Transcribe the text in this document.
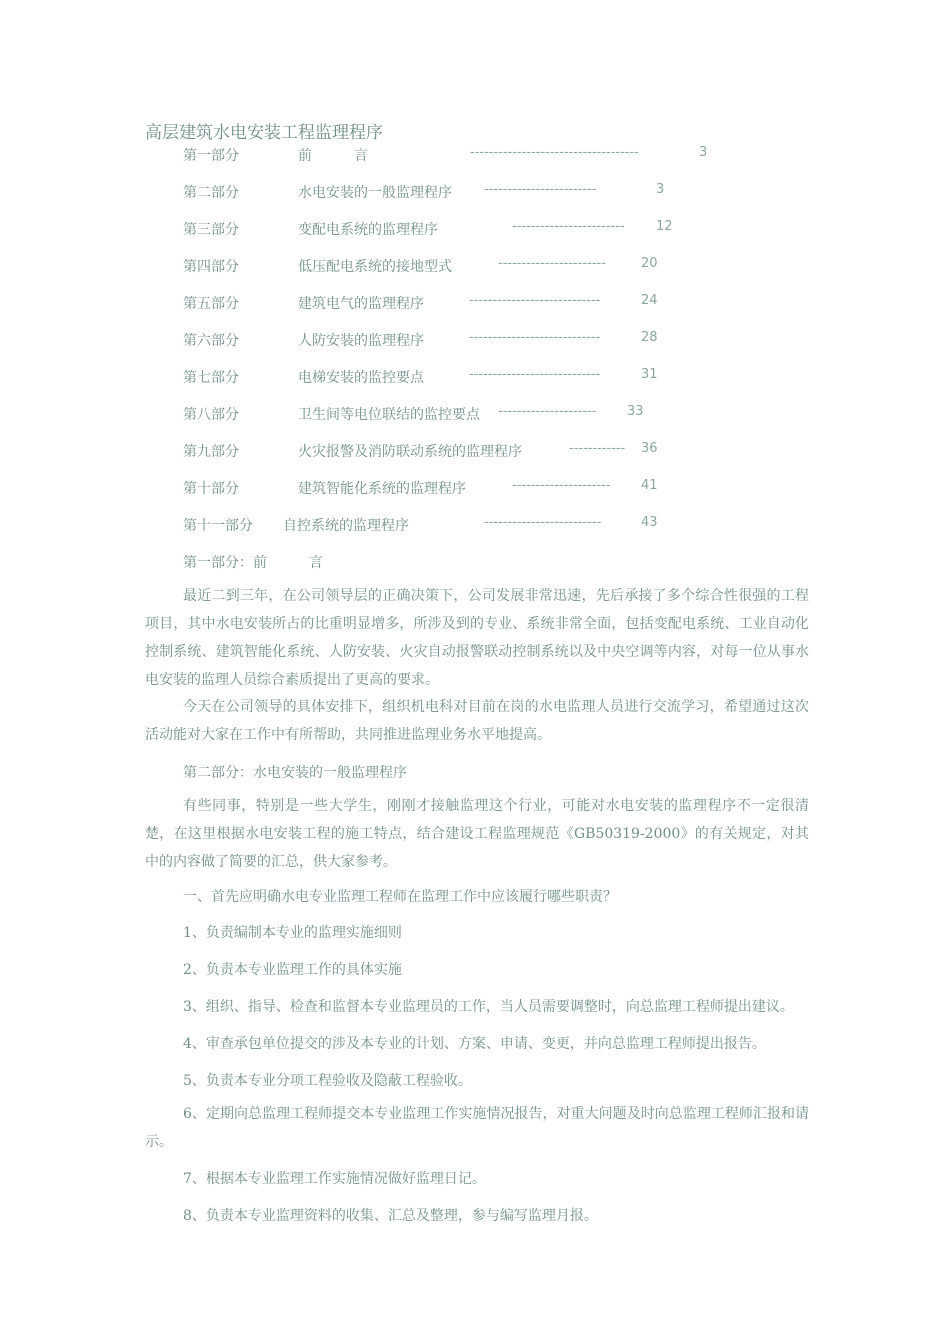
高层建筑水电安装工程监理程序
第一部分	前　　　言	------------------------------------	3
第二部分	水电安装的一般监理程序 ------------------------	3
第三部分	变配电系统的监理程序	------------------------ 12
第四部分	低压配电系统的接地型式	-----------------------	20
第五部分	建筑电气的监理程序	----------------------------	24
第六部分	人防安装的监理程序	----------------------------	28
第七部分	电梯安装的监控要点	----------------------------	31
第八部分	卫生间等电位联结的监控要点 --------------------- 33
第九部分	火灾报警及消防联动系统的监理程序	------------ 36
第十部分	建筑智能化系统的监理程序	--------------------- 41
第十一部分 自控系统的监理程序	-------------------------	43
第一部分：前　　　言

最近二到三年，在公司领导层的正确决策下，公司发展非常迅速，先后承接了多个综合性很强的工程项目，其中水电安装所占的比重明显增多，所涉及到的专业、系统非常全面，包括变配电系统、工业自动化控制系统、建筑智能化系统、人防安装、火灾自动报警联动控制系统以及中央空调等内容，对每一位从事水电安装的监理人员综合素质提出了更高的要求。

今天在公司领导的具体安排下，组织机电科对目前在岗的水电监理人员进行交流学习，希望通过这次活动能对大家在工作中有所帮助，共同推进监理业务水平地提高。

第二部分：水电安装的一般监理程序

有些同事，特别是一些大学生，刚刚才接触监理这个行业，可能对水电安装的监理程序不一定很清楚，在这里根据水电安装工程的施工特点，结合建设工程监理规范《GB50319-2000》的有关规定，对其中的内容做了简要的汇总，供大家参考。

一、首先应明确水电专业监理工程师在监理工作中应该履行哪些职责？
1、负责编制本专业的监理实施细则
2、负责本专业监理工作的具体实施
3、组织、指导、检查和监督本专业监理员的工作，当人员需要调整时，向总监理工程师提出建议。
4、审查承包单位提交的涉及本专业的计划、方案、申请、变更，并向总监理工程师提出报告。
5、负责本专业分项工程验收及隐蔽工程验收。

6、定期向总监理工程师提交本专业监理工作实施情况报告，对重大问题及时向总监理工程师汇报和请示。

7、根据本专业监理工作实施情况做好监理日记。
8、负责本专业监理资料的收集、汇总及整理，参与编写监理月报。
